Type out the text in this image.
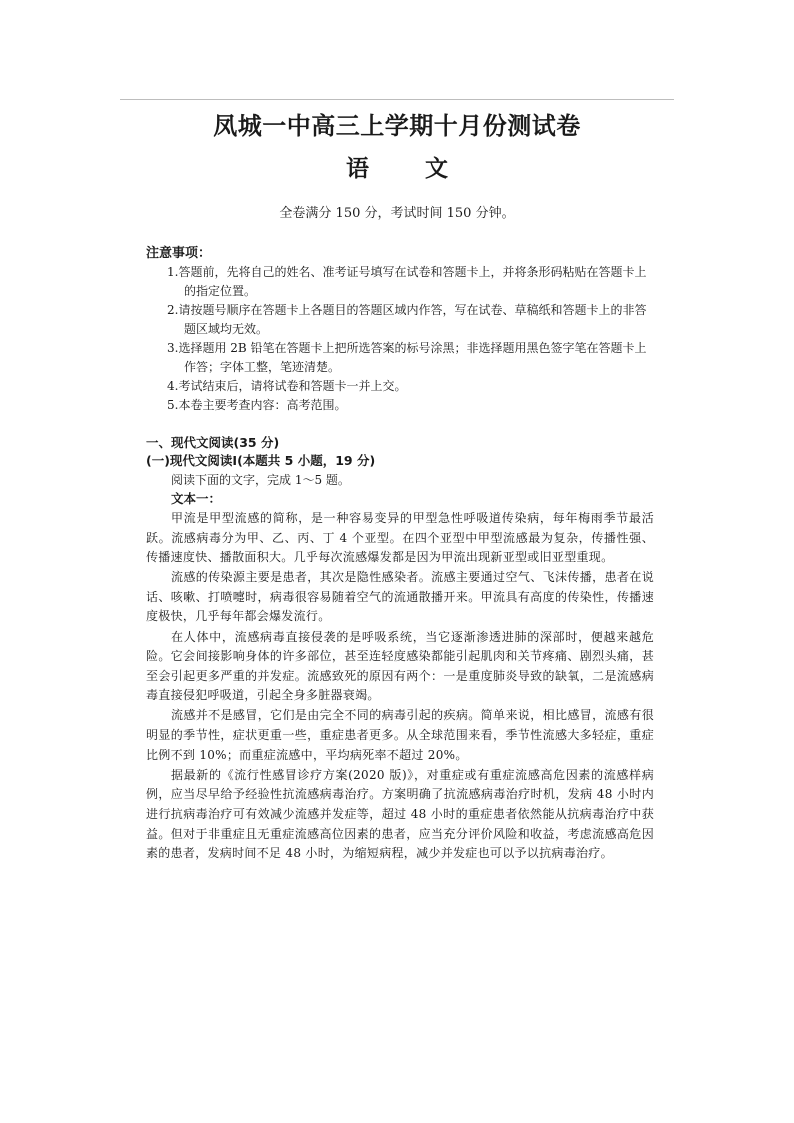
凤城一中高三上学期十月份测试卷
语 文
全卷满分 150 分，考试时间 150 分钟。
注意事项：

1.答题前，先将自己的姓名、准考证号填写在试卷和答题卡上，并将条形码粘贴在答题卡上的指定位置。

2.请按题号顺序在答题卡上各题目的答题区域内作答，写在试卷、草稿纸和答题卡上的非答题区域均无效。

3.选择题用 2B 铅笔在答题卡上把所选答案的标号涂黑；非选择题用黑色签字笔在答题卡上作答；字体工整，笔迹清楚。

4.考试结束后，请将试卷和答题卡一并上交。

5.本卷主要考查内容：高考范围。

一、现代文阅读(35 分)
(一)现代文阅读Ⅰ(本题共 5 小题，19 分)
阅读下面的文字，完成 1～5 题。
文本一：

甲流是甲型流感的简称，是一种容易变异的甲型急性呼吸道传染病，每年梅雨季节最活跃。流感病毒分为甲、乙、丙、丁 4 个亚型。在四个亚型中甲型流感最为复杂，传播性强、传播速度快、播散面积大。几乎每次流感爆发都是因为甲流出现新亚型或旧亚型重现。

流感的传染源主要是患者，其次是隐性感染者。流感主要通过空气、飞沫传播，患者在说话、咳嗽、打喷嚏时，病毒很容易随着空气的流通散播开来。甲流具有高度的传染性，传播速度极快，几乎每年都会爆发流行。

在人体中，流感病毒直接侵袭的是呼吸系统，当它逐渐渗透进肺的深部时，便越来越危险。它会间接影响身体的许多部位，甚至连轻度感染都能引起肌肉和关节疼痛、剧烈头痛，甚至会引起更多严重的并发症。流感致死的原因有两个：一是重度肺炎导致的缺氧，二是流感病毒直接侵犯呼吸道，引起全身多脏器衰竭。

流感并不是感冒，它们是由完全不同的病毒引起的疾病。简单来说，相比感冒，流感有很明显的季节性，症状更重一些，重症患者更多。从全球范围来看，季节性流感大多轻症，重症比例不到 10%；而重症流感中，平均病死率不超过 20%。

据最新的《流行性感冒诊疗方案(2020 版)》，对重症或有重症流感高危因素的流感样病例，应当尽早给予经验性抗流感病毒治疗。方案明确了抗流感病毒治疗时机，发病 48 小时内进行抗病毒治疗可有效减少流感并发症等，超过 48 小时的重症患者依然能从抗病毒治疗中获益。但对于非重症且无重症流感高位因素的患者，应当充分评价风险和收益，考虑流感高危因素的患者，发病时间不足 48 小时，为缩短病程，减少并发症也可以予以抗病毒治疗。
